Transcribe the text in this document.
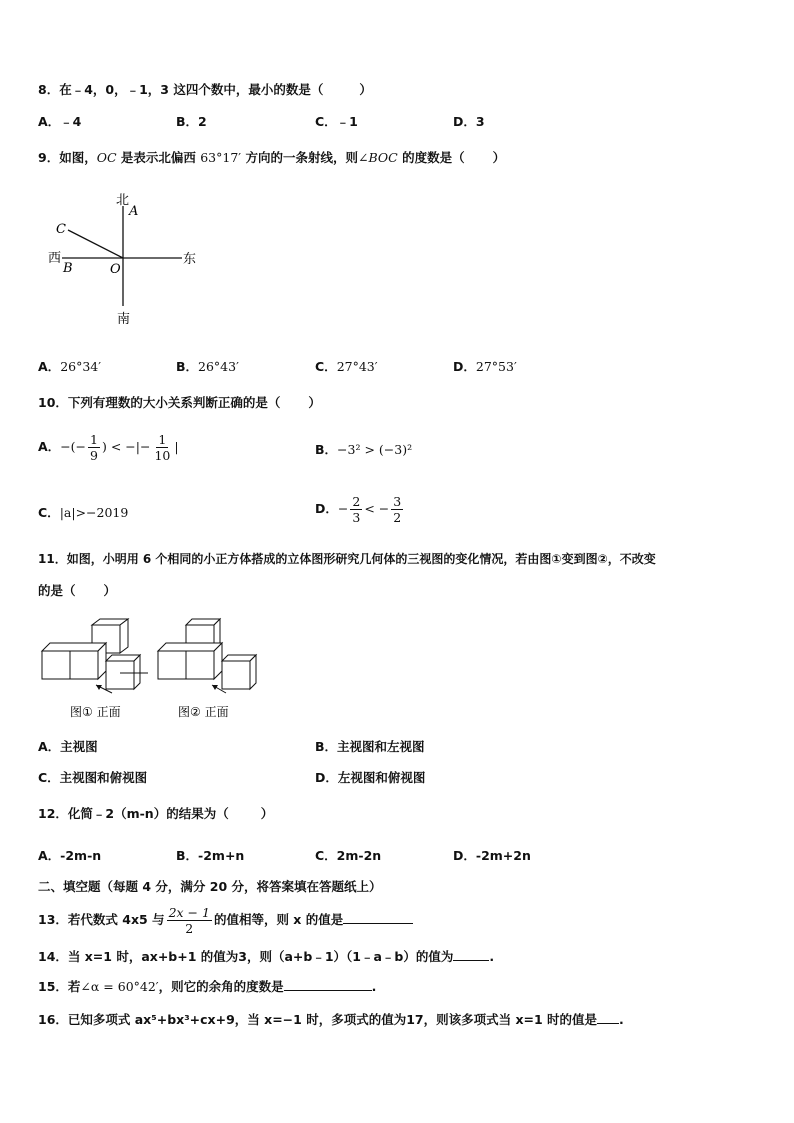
8．在﹣4，0，﹣1，3 这四个数中，最小的数是（	）
A．﹣4	B．2	C．﹣1	D．3
9．如图，OC 是表示北偏西 63°17′ 方向的一条射线，则∠BOC 的度数是（ ）
北
A
C
西
B	O
东
南
A．26°34′	B．26°43′	C．27°43′	D．27°53′
10．下列有理数的大小关系判断正确的是（ ）
A．−(− $\frac{1}{9}$ ) < −|− $\frac{1}{10}$ |	B．−3² > (−3)²
C．|a|>−2019	D．− $\frac{2}{3}$ < − $\frac{3}{2}$
11．如图，小明用 6 个相同的小正方体搭成的立体图形研究几何体的三视图的变化情况，若由图①变到图②，不改变
的是（ ）
图① 正面	图② 正面
A．主视图	B．主视图和左视图
C．主视图和俯视图	D．左视图和俯视图
12．化简﹣2（m-n）的结果为（	）
A．-2m-n	B．-2m+n	C．2m-2n	D．-2m+2n
二、填空题（每题 4 分，满分 20 分，将答案填在答题纸上）
13．若代数式 4x5 与 $\frac{2x - 1}{2}$ 的值相等，则 x 的值是
14．当 x=1 时，ax+b+1 的值为3，则（a+b﹣1）（1﹣a﹣b）的值为	.
15．若∠α = 60°42′，则它的余角的度数是	.
16．已知多项式 ax⁵+bx³+cx+9，当 x=−1 时，多项式的值为17，则该多项式当 x=1 时的值是 .
